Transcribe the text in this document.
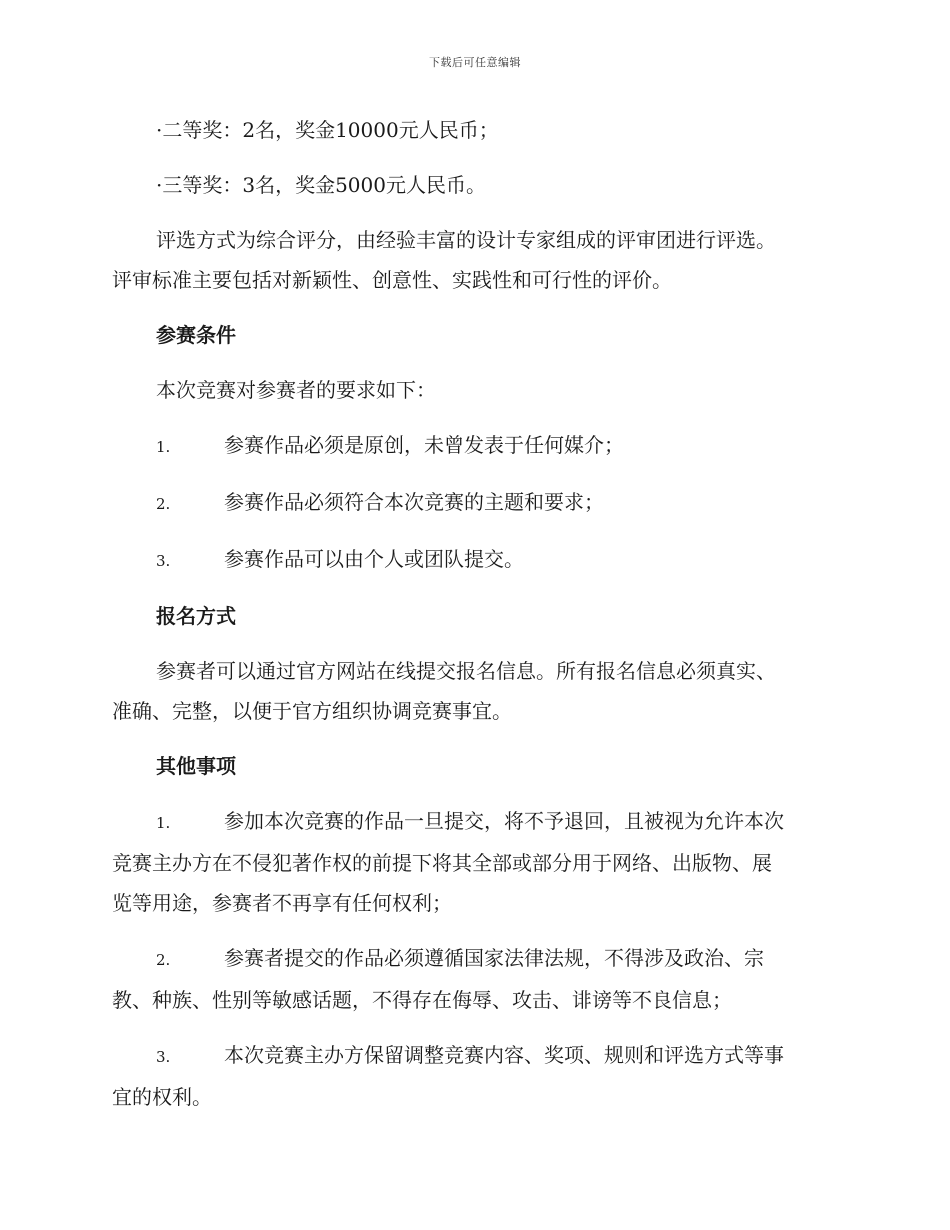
下载后可任意编辑

·二等奖：2名，奖金10000元人民币；

·三等奖：3名，奖金5000元人民币。

评选方式为综合评分，由经验丰富的设计专家组成的评审团进行评选。
评审标准主要包括对新颖性、创意性、实践性和可行性的评价。

参赛条件

本次竞赛对参赛者的要求如下：

1.	参赛作品必须是原创，未曾发表于任何媒介；
2.	参赛作品必须符合本次竞赛的主题和要求；
3.	参赛作品可以由个人或团队提交。

报名方式

参赛者可以通过官方网站在线提交报名信息。所有报名信息必须真实、
准确、完整，以便于官方组织协调竞赛事宜。

其他事项

1.	参加本次竞赛的作品一旦提交，将不予退回，且被视为允许本次
竞赛主办方在不侵犯著作权的前提下将其全部或部分用于网络、出版物、展
览等用途，参赛者不再享有任何权利；
2.	参赛者提交的作品必须遵循国家法律法规，不得涉及政治、宗
教、种族、性别等敏感话题，不得存在侮辱、攻击、诽谤等不良信息；
3.	本次竞赛主办方保留调整竞赛内容、奖项、规则和评选方式等事
宜的权利。
